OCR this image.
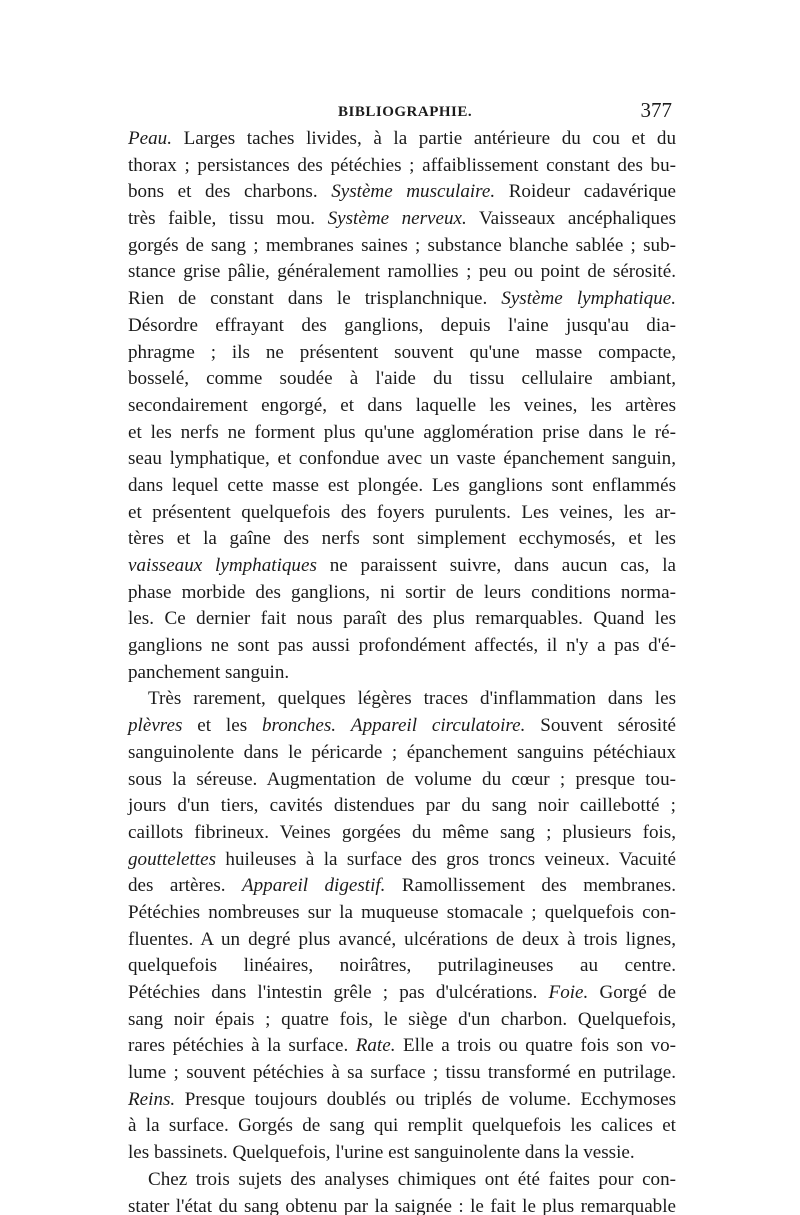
BIBLIOGRAPHIE.	377
Peau. Larges taches livides, à la partie antérieure du cou et du
thorax ; persistances des pétéchies ; affaiblissement constant des bu-
bons et des charbons. Système musculaire. Roideur cadavérique
très faible, tissu mou. Système nerveux. Vaisseaux ancéphaliques
gorgés de sang ; membranes saines ; substance blanche sablée ; sub-
stance grise pâlie, généralement ramollies ; peu ou point de sérosité.
Rien de constant dans le trisplanchnique. Système lymphatique.
Désordre effrayant des ganglions, depuis l'aine jusqu'au dia-
phragme ; ils ne présentent souvent qu'une masse compacte,
bosselé, comme soudée à l'aide du tissu cellulaire ambiant,
secondairement engorgé, et dans laquelle les veines, les artères
et les nerfs ne forment plus qu'une agglomération prise dans le ré-
seau lymphatique, et confondue avec un vaste épanchement sanguin,
dans lequel cette masse est plongée. Les ganglions sont enflammés
et présentent quelquefois des foyers purulents. Les veines, les ar-
tères et la gaîne des nerfs sont simplement ecchymosés, et les
vaisseaux lymphatiques ne paraissent suivre, dans aucun cas, la
phase morbide des ganglions, ni sortir de leurs conditions norma-
les. Ce dernier fait nous paraît des plus remarquables. Quand les
ganglions ne sont pas aussi profondément affectés, il n'y a pas d'é-
panchement sanguin.
Très rarement, quelques légères traces d'inflammation dans les
plèvres et les bronches. Appareil circulatoire. Souvent sérosité
sanguinolente dans le péricarde ; épanchement sanguins pétéchiaux
sous la séreuse. Augmentation de volume du cœur ; presque tou-
jours d'un tiers, cavités distendues par du sang noir caillebotté ;
caillots fibrineux. Veines gorgées du même sang ; plusieurs fois,
gouttelettes huileuses à la surface des gros troncs veineux. Vacuité
des artères. Appareil digestif. Ramollissement des membranes.
Pétéchies nombreuses sur la muqueuse stomacale ; quelquefois con-
fluentes. A un degré plus avancé, ulcérations de deux à trois lignes,
quelquefois linéaires, noirâtres, putrilagineuses au centre.
Pétéchies dans l'intestin grêle ; pas d'ulcérations. Foie. Gorgé de
sang noir épais ; quatre fois, le siège d'un charbon. Quelquefois,
rares pétéchies à la surface. Rate. Elle a trois ou quatre fois son vo-
lume ; souvent pétéchies à sa surface ; tissu transformé en putrilage.
Reins. Presque toujours doublés ou triplés de volume. Ecchymoses
à la surface. Gorgés de sang qui remplit quelquefois les calices et
les bassinets. Quelquefois, l'urine est sanguinolente dans la vessie.
Chez trois sujets des analyses chimiques ont été faites pour con-
stater l'état du sang obtenu par la saignée : le fait le plus remarquable
